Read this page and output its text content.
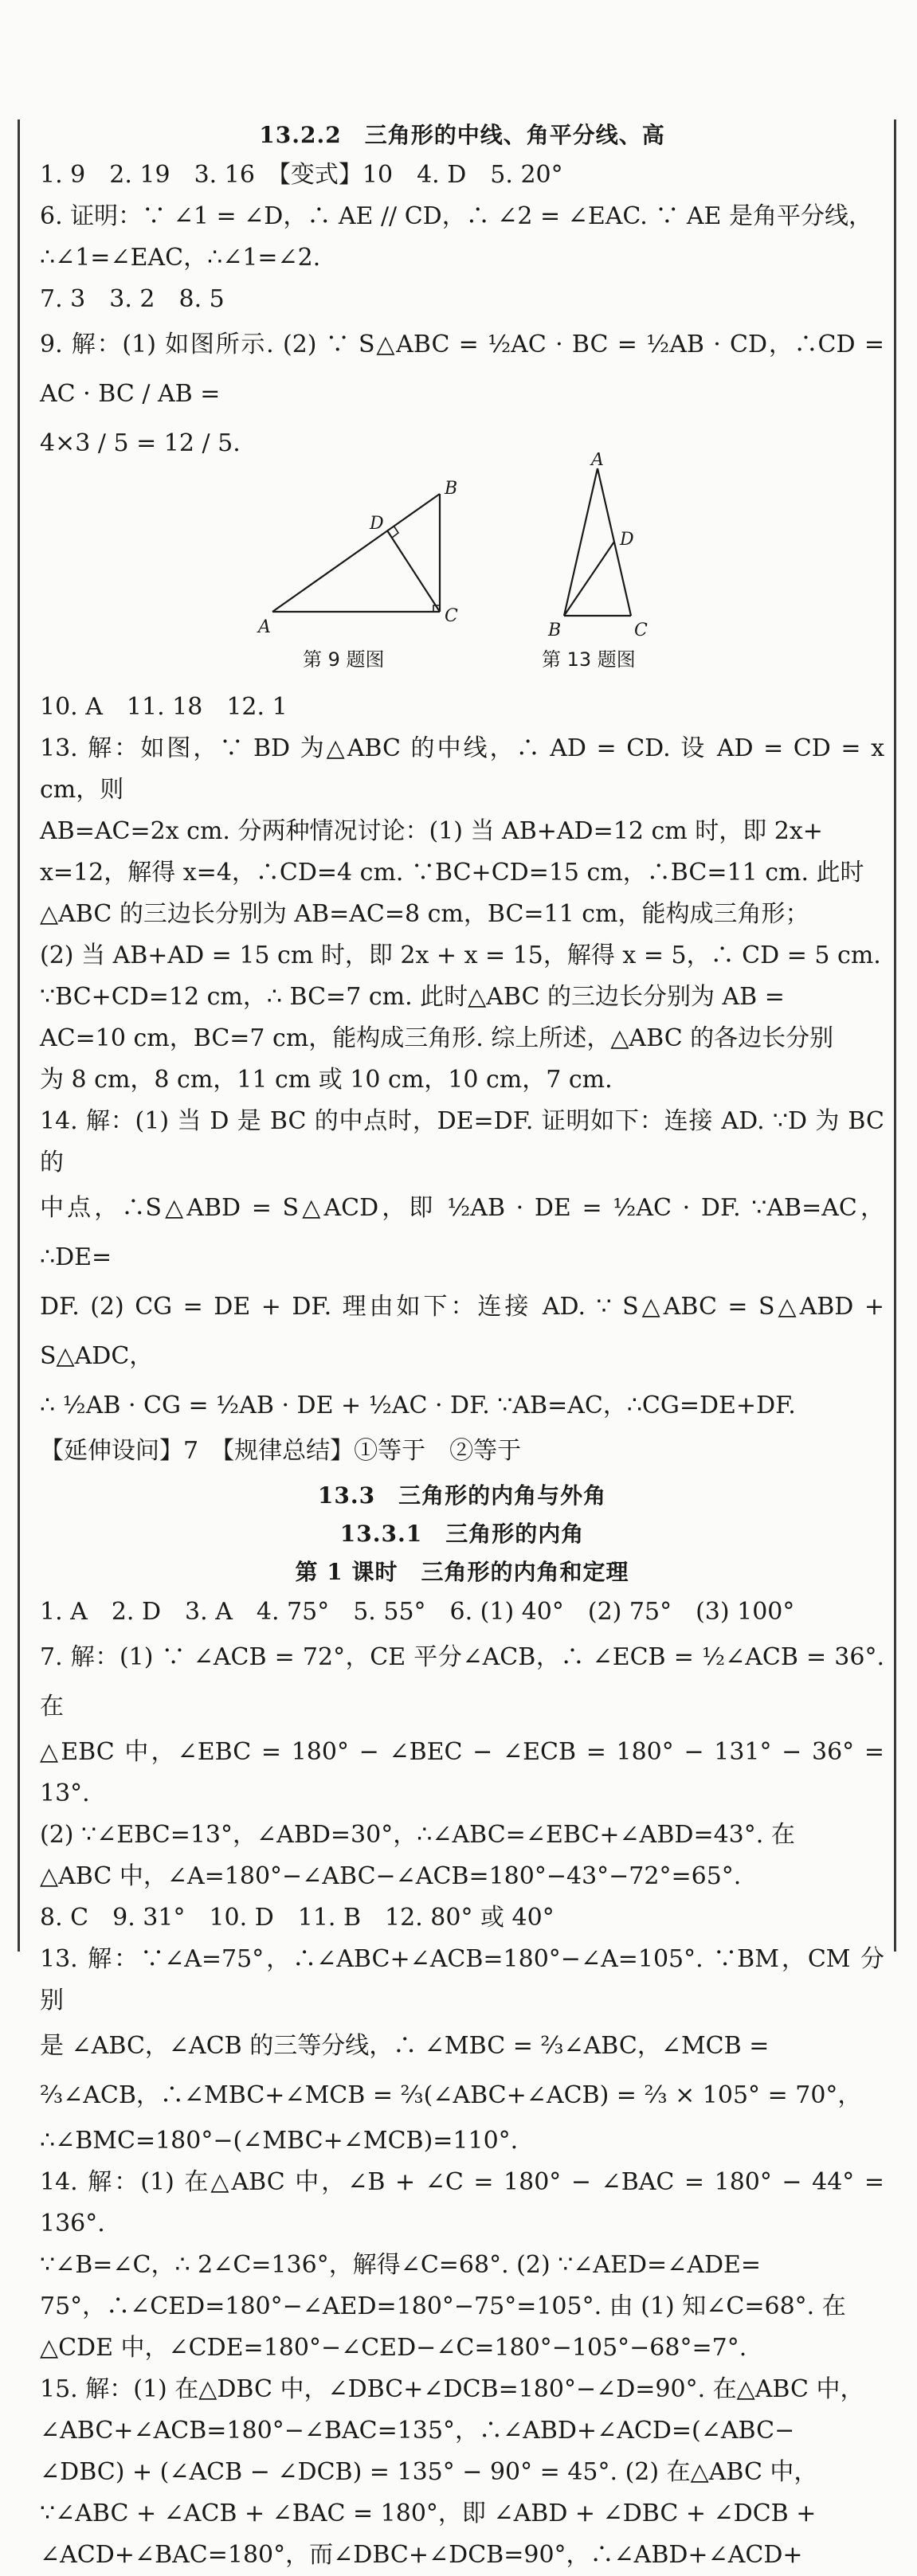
13.2.2　三角形的中线、角平分线、高

1. 9　2. 19　3. 16　【变式】10　4. D　5. 20°

6. 证明：∵ ∠1 = ∠D，∴ AE // CD，∴ ∠2 = ∠EAC. ∵ AE 是角平分线，

∴∠1=∠EAC，∴∠1=∠2.

7. 3　3. 2　8. 5

9. 解：(1) 如图所示. (2) ∵ S△ABC = ½AC · BC = ½AB · CD，∴CD = AC · BC / AB =

4×3 / 5 = 12 / 5.

A
B
C
D
第 9 题图
A
B	C
D
第 13 题图

10. A　11. 18　12. 1

13. 解：如图，∵ BD 为△ABC 的中线，∴ AD = CD. 设 AD = CD = x cm，则

AB=AC=2x cm. 分两种情况讨论：(1) 当 AB+AD=12 cm 时，即 2x+

x=12，解得 x=4，∴CD=4 cm. ∵BC+CD=15 cm，∴BC=11 cm. 此时

△ABC 的三边长分别为 AB=AC=8 cm，BC=11 cm，能构成三角形；

(2) 当 AB+AD = 15 cm 时，即 2x + x = 15，解得 x = 5，∴ CD = 5 cm.

∵BC+CD=12 cm，∴ BC=7 cm. 此时△ABC 的三边长分别为 AB =

AC=10 cm，BC=7 cm，能构成三角形. 综上所述，△ABC 的各边长分别

为 8 cm，8 cm，11 cm 或 10 cm，10 cm，7 cm.

14. 解：(1) 当 D 是 BC 的中点时，DE=DF. 证明如下：连接 AD. ∵D 为 BC 的

中点，∴S△ABD = S△ACD，即 ½AB · DE = ½AC · DF. ∵AB=AC，∴DE=

DF. (2) CG = DE + DF. 理由如下：连接 AD. ∵ S△ABC = S△ABD + S△ADC，

∴ ½AB · CG = ½AB · DE + ½AC · DF. ∵AB=AC，∴CG=DE+DF.

【延伸设问】7　【规律总结】①等于　②等于

13.3　三角形的内角与外角
13.3.1　三角形的内角
第 1 课时　三角形的内角和定理

1. A　2. D　3. A　4. 75°　5. 55°　6. (1) 40°　(2) 75°　(3) 100°

7. 解：(1) ∵ ∠ACB = 72°，CE 平分∠ACB，∴ ∠ECB = ½∠ACB = 36°. 在

△EBC 中，∠EBC = 180° − ∠BEC − ∠ECB = 180° − 131° − 36° = 13°.

(2) ∵∠EBC=13°，∠ABD=30°，∴∠ABC=∠EBC+∠ABD=43°. 在

△ABC 中，∠A=180°−∠ABC−∠ACB=180°−43°−72°=65°.

8. C　9. 31°　10. D　11. B　12. 80° 或 40°

13. 解：∵∠A=75°，∴∠ABC+∠ACB=180°−∠A=105°. ∵BM，CM 分别

是 ∠ABC，∠ACB 的三等分线，∴ ∠MBC = ⅔∠ABC，∠MCB =

⅔∠ACB，∴∠MBC+∠MCB = ⅔(∠ABC+∠ACB) = ⅔ × 105° = 70°，

∴∠BMC=180°−(∠MBC+∠MCB)=110°.

14. 解：(1) 在△ABC 中，∠B + ∠C = 180° − ∠BAC = 180° − 44° = 136°.

∵∠B=∠C，∴ 2∠C=136°，解得∠C=68°. (2) ∵∠AED=∠ADE=

75°，∴∠CED=180°−∠AED=180°−75°=105°. 由 (1) 知∠C=68°. 在

△CDE 中，∠CDE=180°−∠CED−∠C=180°−105°−68°=7°.

15. 解：(1) 在△DBC 中，∠DBC+∠DCB=180°−∠D=90°. 在△ABC 中，

∠ABC+∠ACB=180°−∠BAC=135°，∴∠ABD+∠ACD=(∠ABC−

∠DBC) + (∠ACB − ∠DCB) = 135° − 90° = 45°. (2) 在△ABC 中，

∵∠ABC + ∠ACB + ∠BAC = 180°，即 ∠ABD + ∠DBC + ∠DCB +

∠ACD+∠BAC=180°，而∠DBC+∠DCB=90°，∴∠ABD+∠ACD+
